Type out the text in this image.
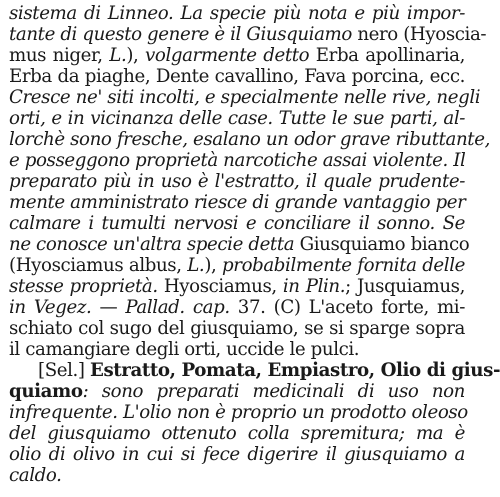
sistema di Linneo. La specie più nota e più impor-
tante di questo genere è il Giusquiamo nero (Hyoscia-
mus niger, L.), volgarmente detto Erba apollinaria,
Erba da piaghe, Dente cavallino, Fava porcina, ecc.
Cresce ne' siti incolti, e specialmente nelle rive, negli
orti, e in vicinanza delle case. Tutte le sue parti, al-
lorchè sono fresche, esalano un odor grave ributtante,
e posseggono proprietà narcotiche assai violente. Il
preparato più in uso è l'estratto, il quale prudente-
mente amministrato riesce di grande vantaggio per
calmare i tumulti nervosi e conciliare il sonno. Se
ne conosce un'altra specie detta Giusquiamo bianco
(Hyosciamus albus, L.), probabilmente fornita delle
stesse proprietà. Hyosciamus, in Plin.; Jusquiamus,
in Vegez. — Pallad. cap. 37. (C) L'aceto forte, mi-
schiato col sugo del giusquiamo, se si sparge sopra
il camangiare degli orti, uccide le pulci.
[Sel.] Estratto, Pomata, Empiastro, Olio di gius-
quiamo: sono preparati medicinali di uso non
infrequente. L'olio non è proprio un prodotto oleoso
del giusquiamo ottenuto colla spremitura; ma è
olio di olivo in cui si fece digerire il giusquiamo a
caldo.
